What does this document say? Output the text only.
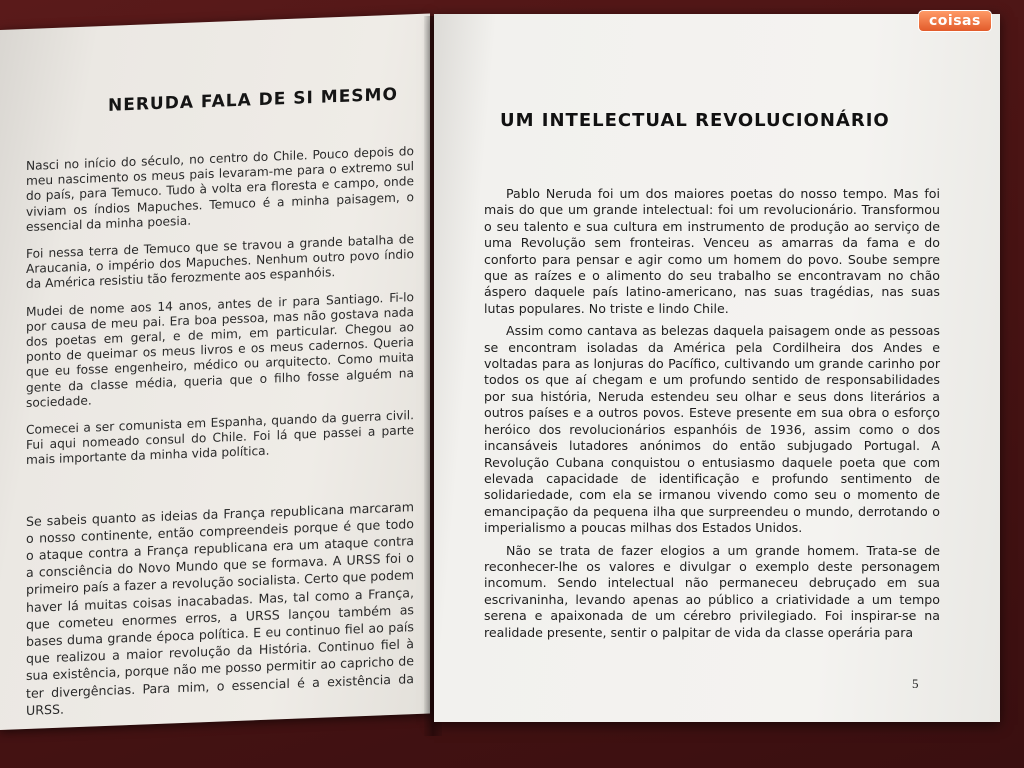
NERUDA FALA DE SI MESMO

Nasci no início do século, no centro do Chile. Pouco depois do meu nascimento os meus pais levaram-me para o extremo sul do país, para Temuco. Tudo à volta era floresta e campo, onde viviam os índios Mapuches. Temuco é a minha paisagem, o essencial da minha poesia.

Foi nessa terra de Temuco que se travou a grande batalha de Araucania, o império dos Mapuches. Nenhum outro povo índio da América resistiu tão ferozmente aos espanhóis.

Mudei de nome aos 14 anos, antes de ir para Santiago. Fi-lo por causa de meu pai. Era boa pessoa, mas não gostava nada dos poetas em geral, e de mim, em particular. Chegou ao ponto de queimar os meus livros e os meus cadernos. Queria que eu fosse engenheiro, médico ou arquitecto. Como muita gente da classe média, queria que o filho fosse alguém na sociedade.

Comecei a ser comunista em Espanha, quando da guerra civil. Fui aqui nomeado consul do Chile. Foi lá que passei a parte mais importante da minha vida política.

Se sabeis quanto as ideias da França republicana marcaram o nosso continente, então compreendeis porque é que todo o ataque contra a França republicana era um ataque contra a consciência do Novo Mundo que se formava. A URSS foi o primeiro país a fazer a revolução socialista. Certo que podem haver lá muitas coisas inacabadas. Mas, tal como a França, que cometeu enormes erros, a URSS lançou também as bases duma grande época política. E eu continuo fiel ao país que realizou a maior revolução da História. Continuo fiel à sua existência, porque não me posso permitir ao capricho de ter divergências. Para mim, o essencial é a existência da URSS.

UM INTELECTUAL REVOLUCIONÁRIO

Pablo Neruda foi um dos maiores poetas do nosso tempo. Mas foi mais do que um grande intelectual: foi um revolucionário. Transformou o seu talento e sua cultura em instrumento de produção ao serviço de uma Revolução sem fronteiras. Venceu as amarras da fama e do conforto para pensar e agir como um homem do povo. Soube sempre que as raízes e o alimento do seu trabalho se encontravam no chão áspero daquele país latino-americano, nas suas tragédias, nas suas lutas populares. No triste e lindo Chile.

Assim como cantava as belezas daquela paisagem onde as pessoas se encontram isoladas da América pela Cordilheira dos Andes e voltadas para as lonjuras do Pacífico, cultivando um grande carinho por todos os que aí chegam e um profundo sentido de responsabilidades por sua história, Neruda estendeu seu olhar e seus dons literários a outros países e a outros povos. Esteve presente em sua obra o esforço heróico dos revolucionários espanhóis de 1936, assim como o dos incansáveis lutadores anónimos do então subjugado Portugal. A Revolução Cubana conquistou o entusiasmo daquele poeta que com elevada capacidade de identificação e profundo sentimento de solidariedade, com ela se irmanou vivendo como seu o momento de emancipação da pequena ilha que surpreendeu o mundo, derrotando o imperialismo a poucas milhas dos Estados Unidos.

Não se trata de fazer elogios a um grande homem. Trata-se de reconhecer-lhe os valores e divulgar o exemplo deste personagem incomum. Sendo intelectual não permaneceu debruçado em sua escrivaninha, levando apenas ao público a criatividade a um tempo serena e apaixonada de um cérebro privilegiado. Foi inspirar-se na realidade presente, sentir o palpitar de vida da classe operária para

5
coisas
